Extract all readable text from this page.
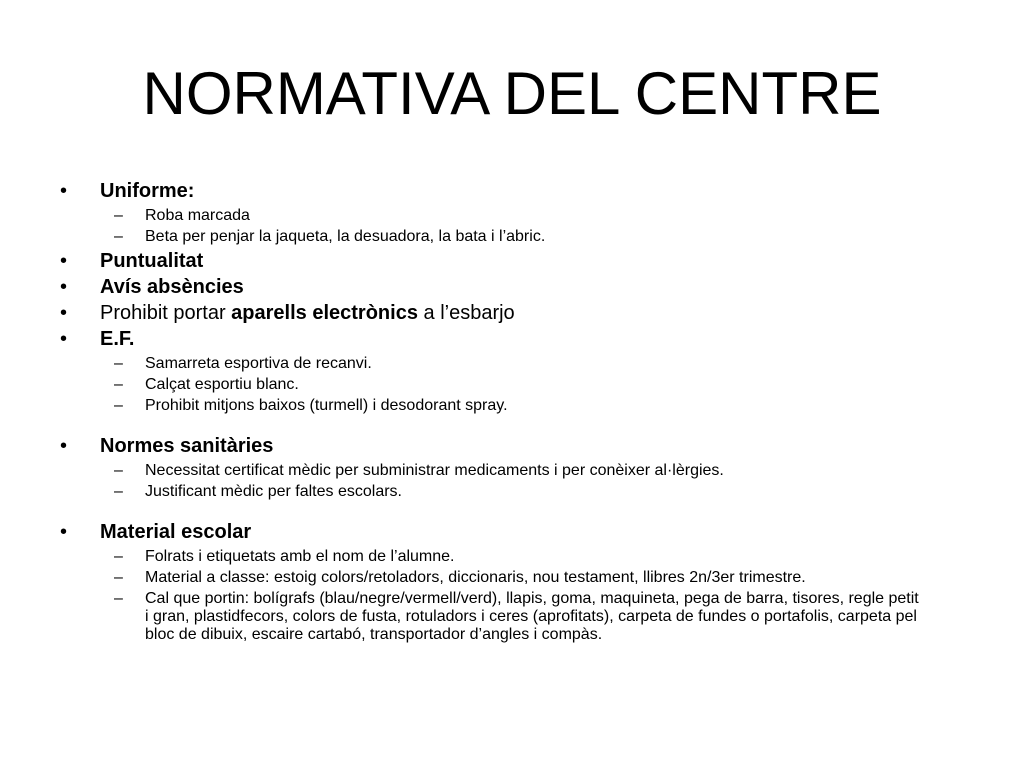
NORMATIVA DEL CENTRE
•	Uniforme:
– Roba marcada
– Beta per penjar la jaqueta, la desuadora, la bata i l’abric.
•	Puntualitat
•	Avís absències
•	Prohibit portar aparells electrònics a l’esbarjo
•	E.F.
– Samarreta esportiva de recanvi.
– Calçat esportiu blanc.
– Prohibit mitjons baixos (turmell) i desodorant spray.
•	Normes sanitàries
– Necessitat certificat mèdic per subministrar medicaments i per conèixer al·lèrgies.
– Justificant mèdic per faltes escolars.
•	Material escolar
– Folrats i etiquetats amb el nom de l’alumne.
– Material a classe: estoig colors/retoladors, diccionaris, nou testament, llibres 2n/3er trimestre.
– Cal que portin: bolígrafs (blau/negre/vermell/verd), llapis, goma, maquineta, pega de barra, tisores, regle petit i gran, plastidfecors, colors de fusta, rotuladors i ceres (aprofitats), carpeta de fundes o portafolis, carpeta pel bloc de dibuix, escaire cartabó, transportador d’angles i compàs.
